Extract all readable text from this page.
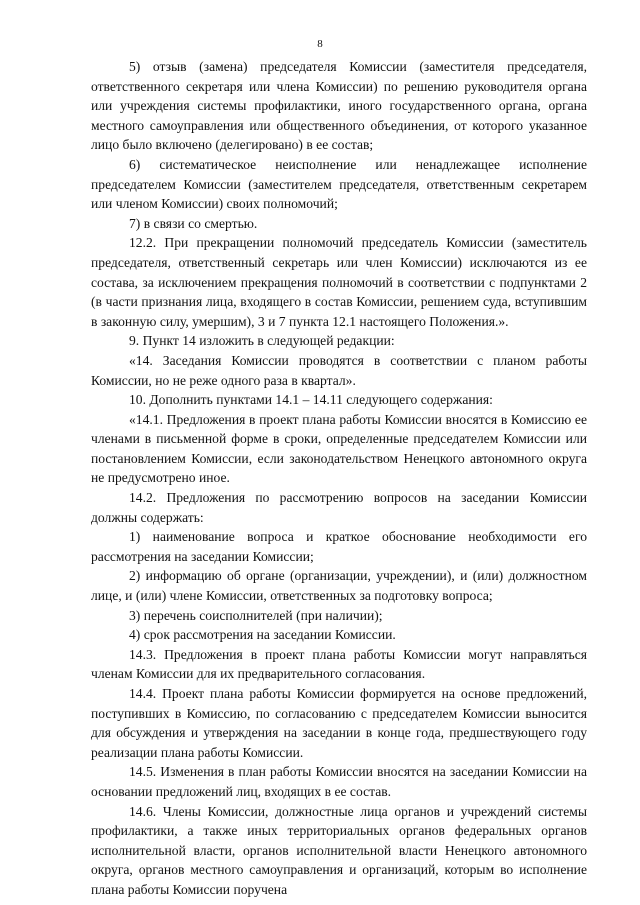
8

5) отзыв (замена) председателя Комиссии (заместителя председателя, ответственного секретаря или члена Комиссии) по решению руководителя органа или учреждения системы профилактики, иного государственного органа, органа местного самоуправления или общественного объединения, от которого указанное лицо было включено (делегировано) в ее состав;

6) систематическое неисполнение или ненадлежащее исполнение председателем Комиссии (заместителем председателя, ответственным секретарем или членом Комиссии) своих полномочий;

7) в связи со смертью.

12.2. При прекращении полномочий председатель Комиссии (заместитель председателя, ответственный секретарь или член Комиссии) исключаются из ее состава, за исключением прекращения полномочий в соответствии с подпунктами 2 (в части признания лица, входящего в состав Комиссии, решением суда, вступившим в законную силу, умершим), 3 и 7 пункта 12.1 настоящего Положения.».

9. Пункт 14 изложить в следующей редакции:

«14. Заседания Комиссии проводятся в соответствии с планом работы Комиссии, но не реже одного раза в квартал».

10. Дополнить пунктами 14.1 – 14.11 следующего содержания:

«14.1. Предложения в проект плана работы Комиссии вносятся в Комиссию ее членами в письменной форме в сроки, определенные председателем Комиссии или постановлением Комиссии, если законодательством Ненецкого автономного округа не предусмотрено иное.

14.2. Предложения по рассмотрению вопросов на заседании Комиссии должны содержать:

1) наименование вопроса и краткое обоснование необходимости его рассмотрения на заседании Комиссии;

2) информацию об органе (организации, учреждении), и (или) должностном лице, и (или) члене Комиссии, ответственных за подготовку вопроса;

3) перечень соисполнителей (при наличии);

4) срок рассмотрения на заседании Комиссии.

14.3. Предложения в проект плана работы Комиссии могут направляться членам Комиссии для их предварительного согласования.

14.4. Проект плана работы Комиссии формируется на основе предложений, поступивших в Комиссию, по согласованию с председателем Комиссии выносится для обсуждения и утверждения на заседании в конце года, предшествующего году реализации плана работы Комиссии.

14.5. Изменения в план работы Комиссии вносятся на заседании Комиссии на основании предложений лиц, входящих в ее состав.

14.6. Члены Комиссии, должностные лица органов и учреждений системы профилактики, а также иных территориальных органов федеральных органов исполнительной власти, органов исполнительной власти Ненецкого автономного округа, органов местного самоуправления и организаций, которым во исполнение плана работы Комиссии поручена
